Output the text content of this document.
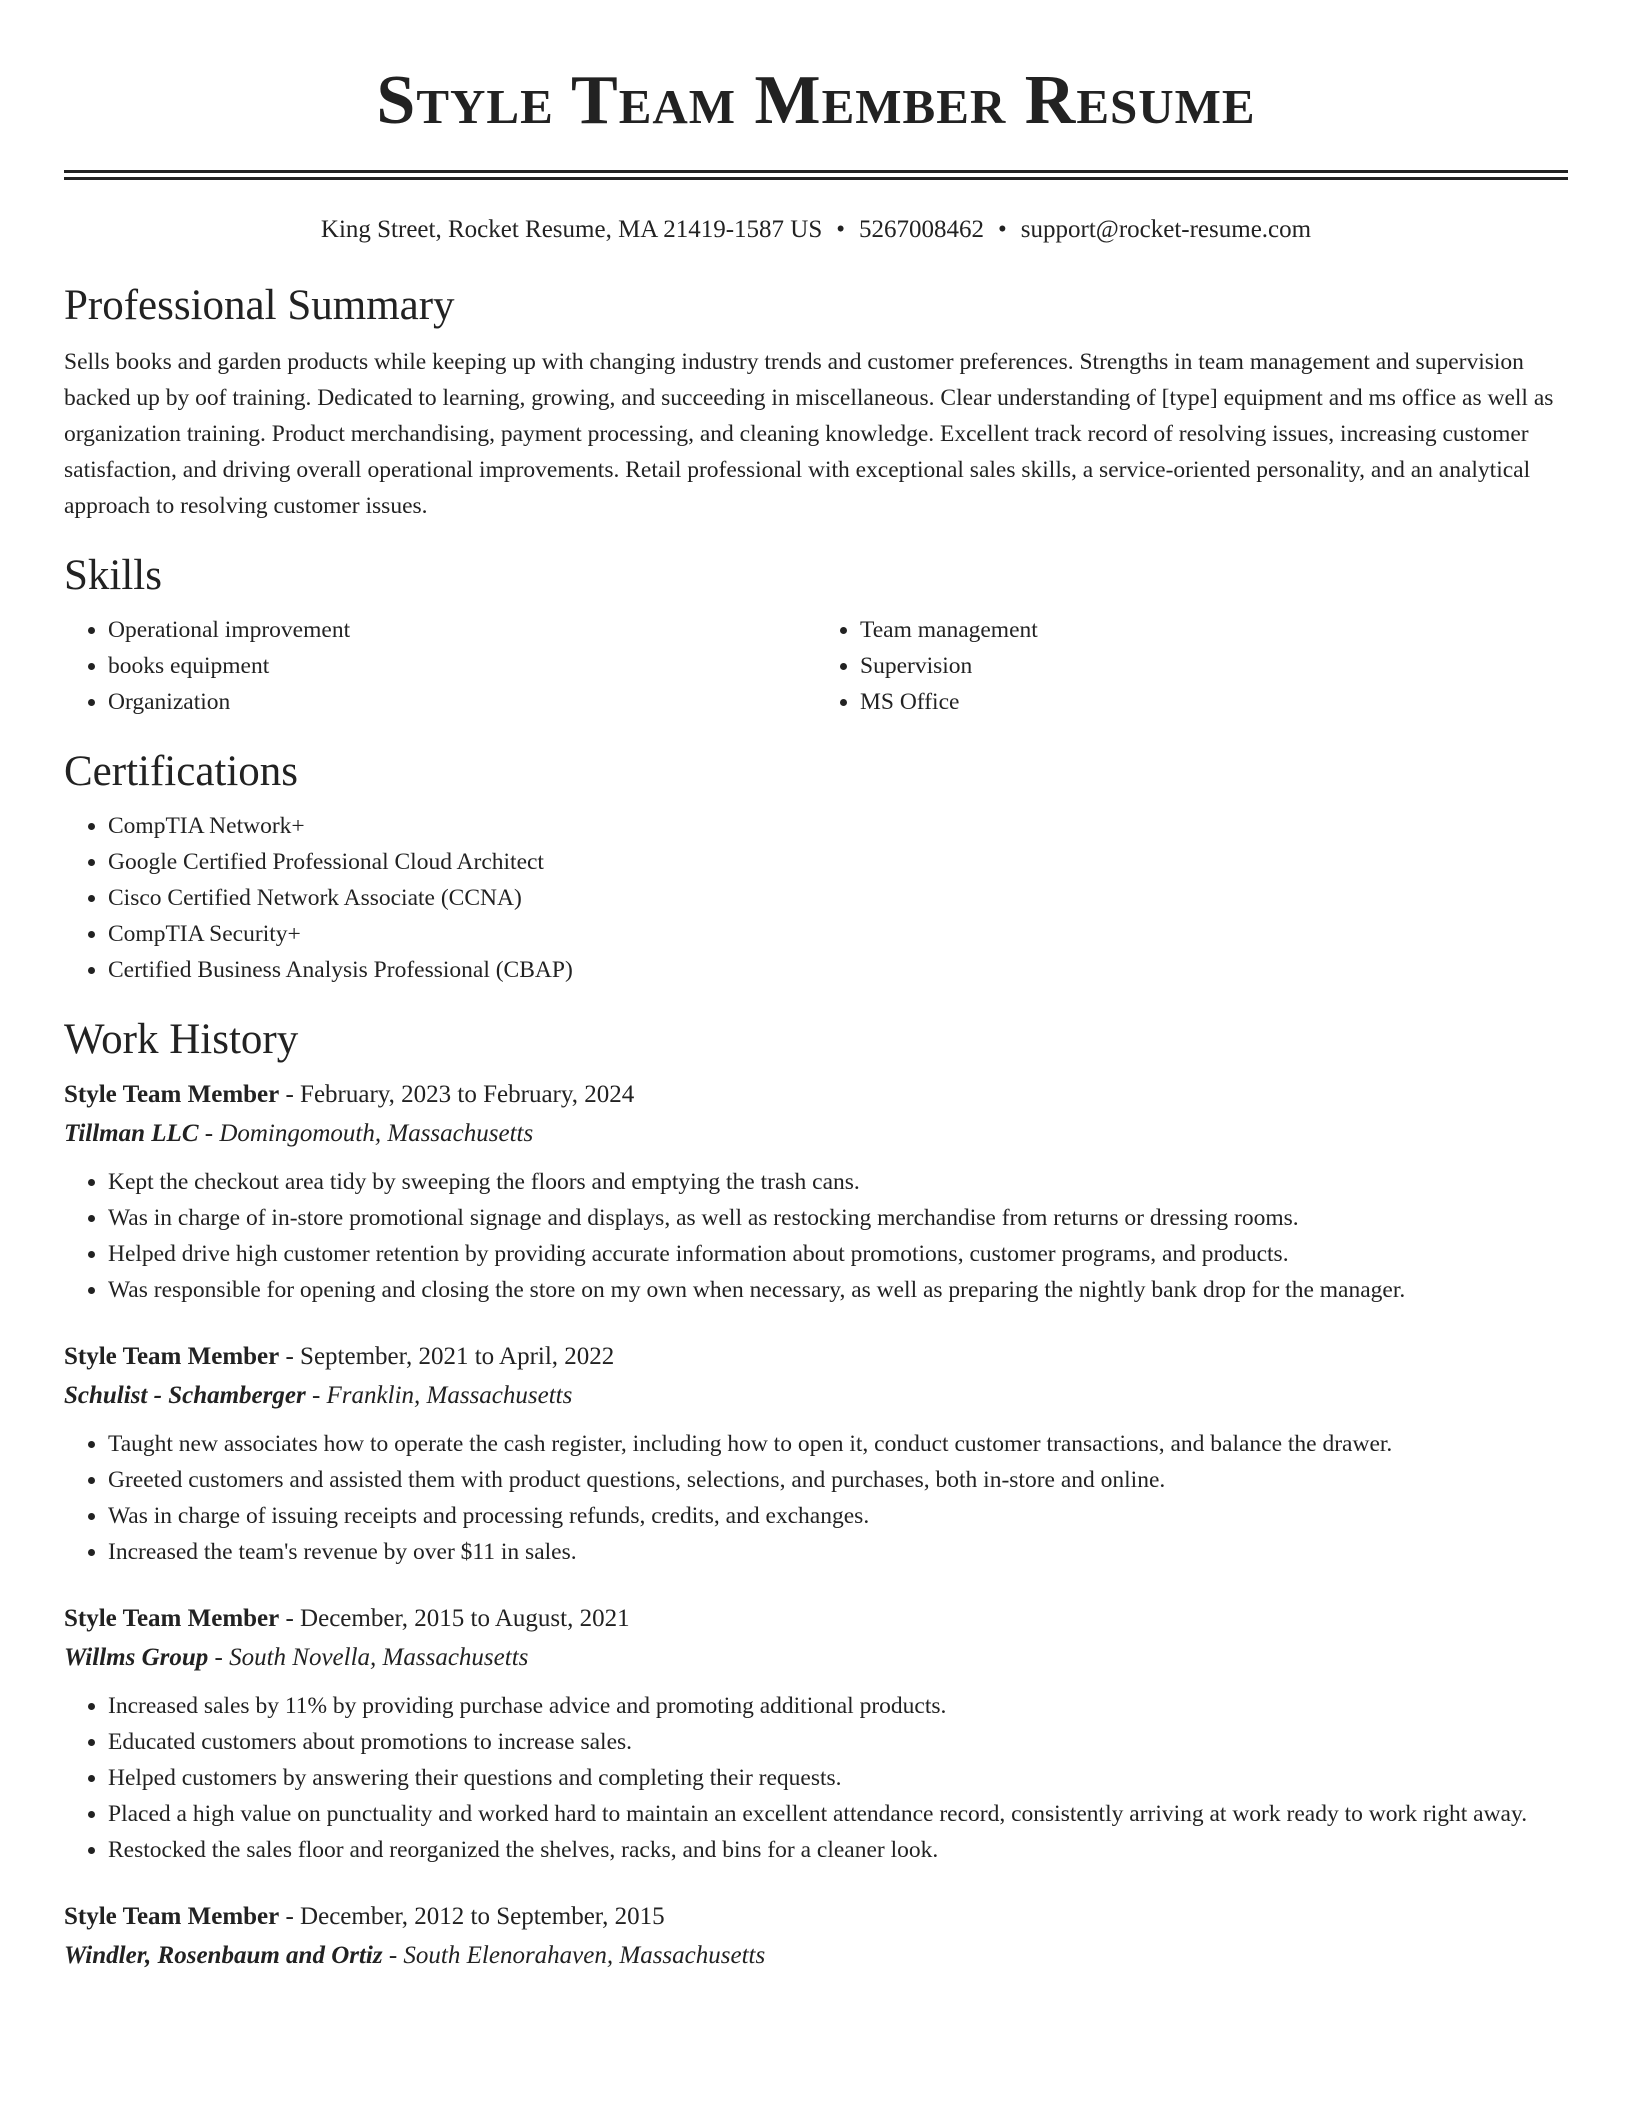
Style Team Member Resume
King Street, Rocket Resume, MA 21419-1587 US • 5267008462 • support@rocket-resume.com
Professional Summary

Sells books and garden products while keeping up with changing industry trends and customer preferences. Strengths in team management and supervision backed up by oof training. Dedicated to learning, growing, and succeeding in miscellaneous. Clear understanding of [type] equipment and ms office as well as organization training. Product merchandising, payment processing, and cleaning knowledge. Excellent track record of resolving issues, increasing customer satisfaction, and driving overall operational improvements. Retail professional with exceptional sales skills, a service-oriented personality, and an analytical approach to resolving customer issues.

Skills
• Operational improvement
• books equipment
• Organization
• Team management
• Supervision
• MS Office
Certifications
• CompTIA Network+
• Google Certified Professional Cloud Architect
• Cisco Certified Network Associate (CCNA)
• CompTIA Security+
• Certified Business Analysis Professional (CBAP)
Work History

Style Team Member - February, 2023 to February, 2024

Tillman LLC - Domingomouth, Massachusetts

• Kept the checkout area tidy by sweeping the floors and emptying the trash cans.
• Was in charge of in-store promotional signage and displays, as well as restocking merchandise from returns or dressing rooms.
• Helped drive high customer retention by providing accurate information about promotions, customer programs, and products.
• Was responsible for opening and closing the store on my own when necessary, as well as preparing the nightly bank drop for the manager.

Style Team Member - September, 2021 to April, 2022

Schulist - Schamberger - Franklin, Massachusetts

• Taught new associates how to operate the cash register, including how to open it, conduct customer transactions, and balance the drawer.
• Greeted customers and assisted them with product questions, selections, and purchases, both in-store and online.
• Was in charge of issuing receipts and processing refunds, credits, and exchanges.
• Increased the team's revenue by over $11 in sales.

Style Team Member - December, 2015 to August, 2021

Willms Group - South Novella, Massachusetts

• Increased sales by 11% by providing purchase advice and promoting additional products.
• Educated customers about promotions to increase sales.
• Helped customers by answering their questions and completing their requests.
• Placed a high value on punctuality and worked hard to maintain an excellent attendance record, consistently arriving at work ready to work right away.
• Restocked the sales floor and reorganized the shelves, racks, and bins for a cleaner look.

Style Team Member - December, 2012 to September, 2015

Windler, Rosenbaum and Ortiz - South Elenorahaven, Massachusetts
